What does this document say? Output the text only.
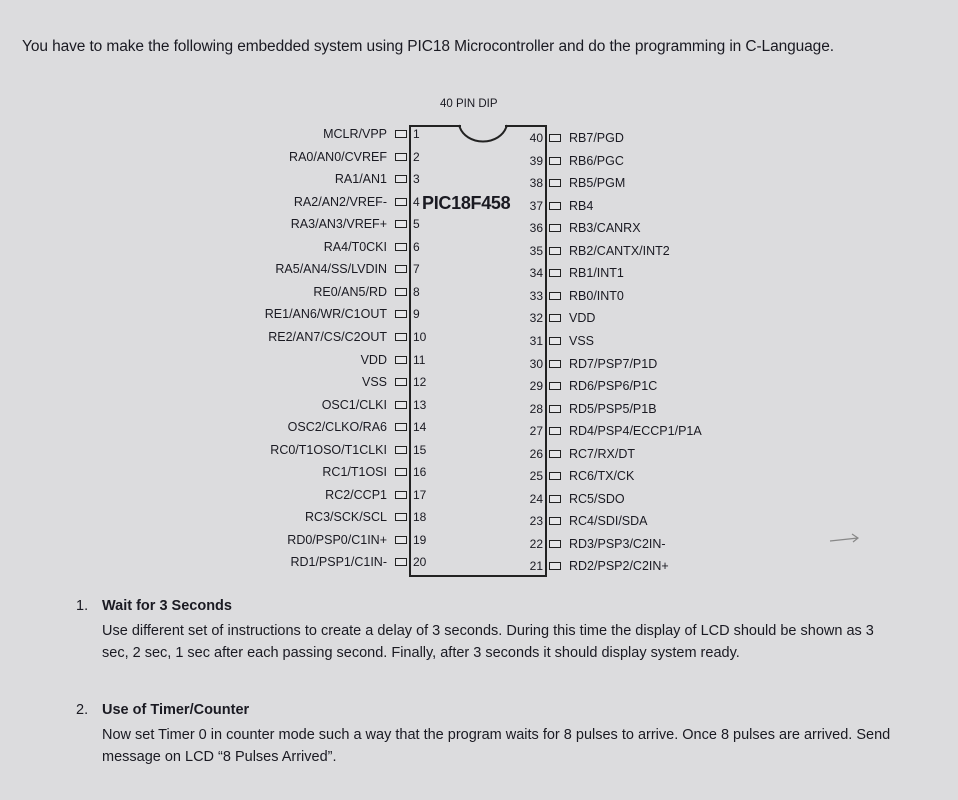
You have to make the following embedded system using PIC18 Microcontroller and do the programming in C-Language.
40 PIN DIP
PIC18F458
MCLR/VPP 1
RA0/AN0/CVREF 2
RA1/AN1 3
RA2/AN2/VREF- 4
RA3/AN3/VREF+ 5
RA4/T0CKI 6
RA5/AN4/SS/LVDIN 7
RE0/AN5/RD 8
RE1/AN6/WR/C1OUT 9
RE2/AN7/CS/C2OUT 10
VDD 11
VSS 12
OSC1/CLKI 13
OSC2/CLKO/RA6 14
RC0/T1OSO/T1CLKI 15
RC1/T1OSI 16
RC2/CCP1 17
RC3/SCK/SCL 18
RD0/PSP0/C1IN+ 19
RD1/PSP1/C1IN- 20
40 RB7/PGD
39 RB6/PGC
38 RB5/PGM
37 RB4
36 RB3/CANRX
35 RB2/CANTX/INT2
34 RB1/INT1
33 RB0/INT0
32 VDD
31 VSS
30 RD7/PSP7/P1D
29 RD6/PSP6/P1C
28 RD5/PSP5/P1B
27 RD4/PSP4/ECCP1/P1A
26 RC7/RX/DT
25 RC6/TX/CK
24 RC5/SDO
23 RC4/SDI/SDA
22 RD3/PSP3/C2IN-
21 RD2/PSP2/C2IN+
1. Wait for 3 Seconds
Use different set of instructions to create a delay of 3 seconds. During this time the display of LCD should be shown as 3 sec, 2 sec, 1 sec after each passing second. Finally, after 3 seconds it should display system ready.
2. Use of Timer/Counter
Now set Timer 0 in counter mode such a way that the program waits for 8 pulses to arrive. Once 8 pulses are arrived. Send message on LCD “8 Pulses Arrived”.
